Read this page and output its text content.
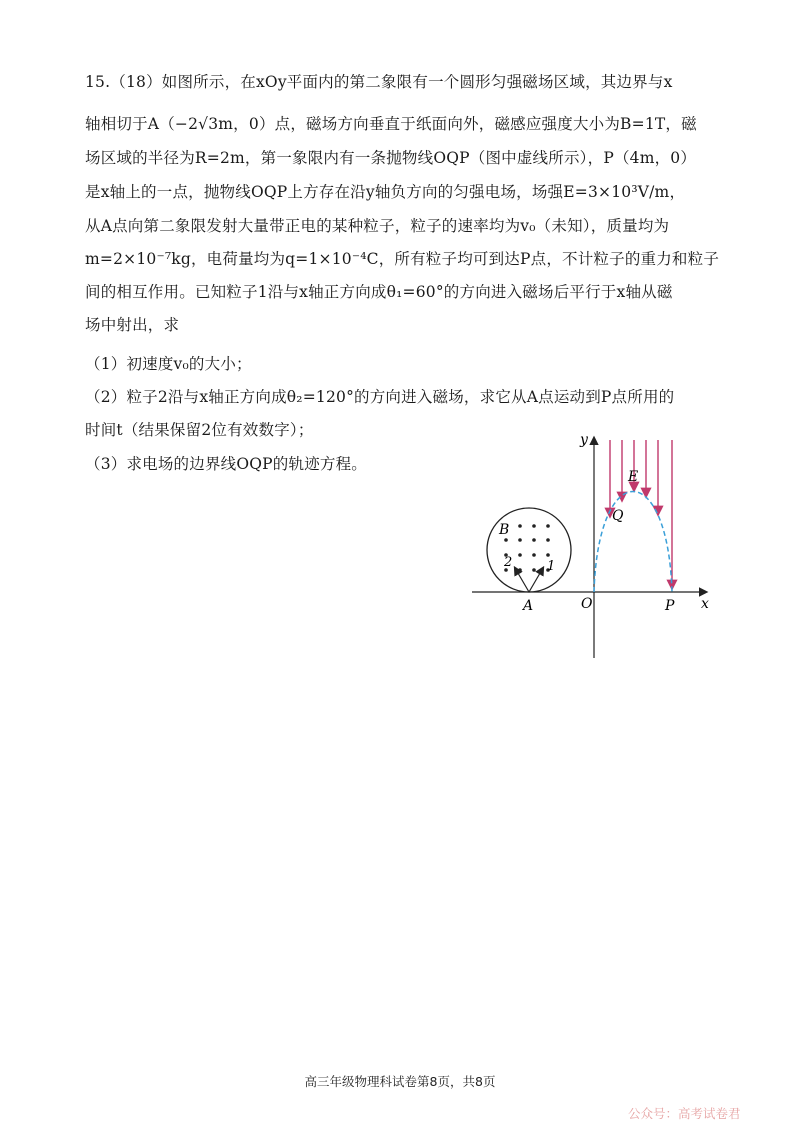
15.（18）如图所示，在xOy平面内的第二象限有一个圆形匀强磁场区域，其边界与x
轴相切于A（−2√3m，0）点，磁场方向垂直于纸面向外，磁感应强度大小为B=1T，磁
场区域的半径为R=2m，第一象限内有一条抛物线OQP（图中虚线所示），P（4m，0）
是x轴上的一点，抛物线OQP上方存在沿y轴负方向的匀强电场，场强E=3×10³V/m，
从A点向第二象限发射大量带正电的某种粒子，粒子的速率均为v₀（未知），质量均为
m=2×10⁻⁷kg，电荷量均为q=1×10⁻⁴C，所有粒子均可到达P点，不计粒子的重力和粒子
间的相互作用。已知粒子1沿与x轴正方向成θ₁=60°的方向进入磁场后平行于x轴从磁
场中射出，求
（1）初速度v₀的大小；
（2）粒子2沿与x轴正方向成θ₂=120°的方向进入磁场，求它从A点运动到P点所用的
时间t（结果保留2位有效数字）；
（3）求电场的边界线OQP的轨迹方程。
y
x
O
A	P
Q
E
B
1
2
高三年级物理科试卷第8页，共8页
公众号：高考试卷君
